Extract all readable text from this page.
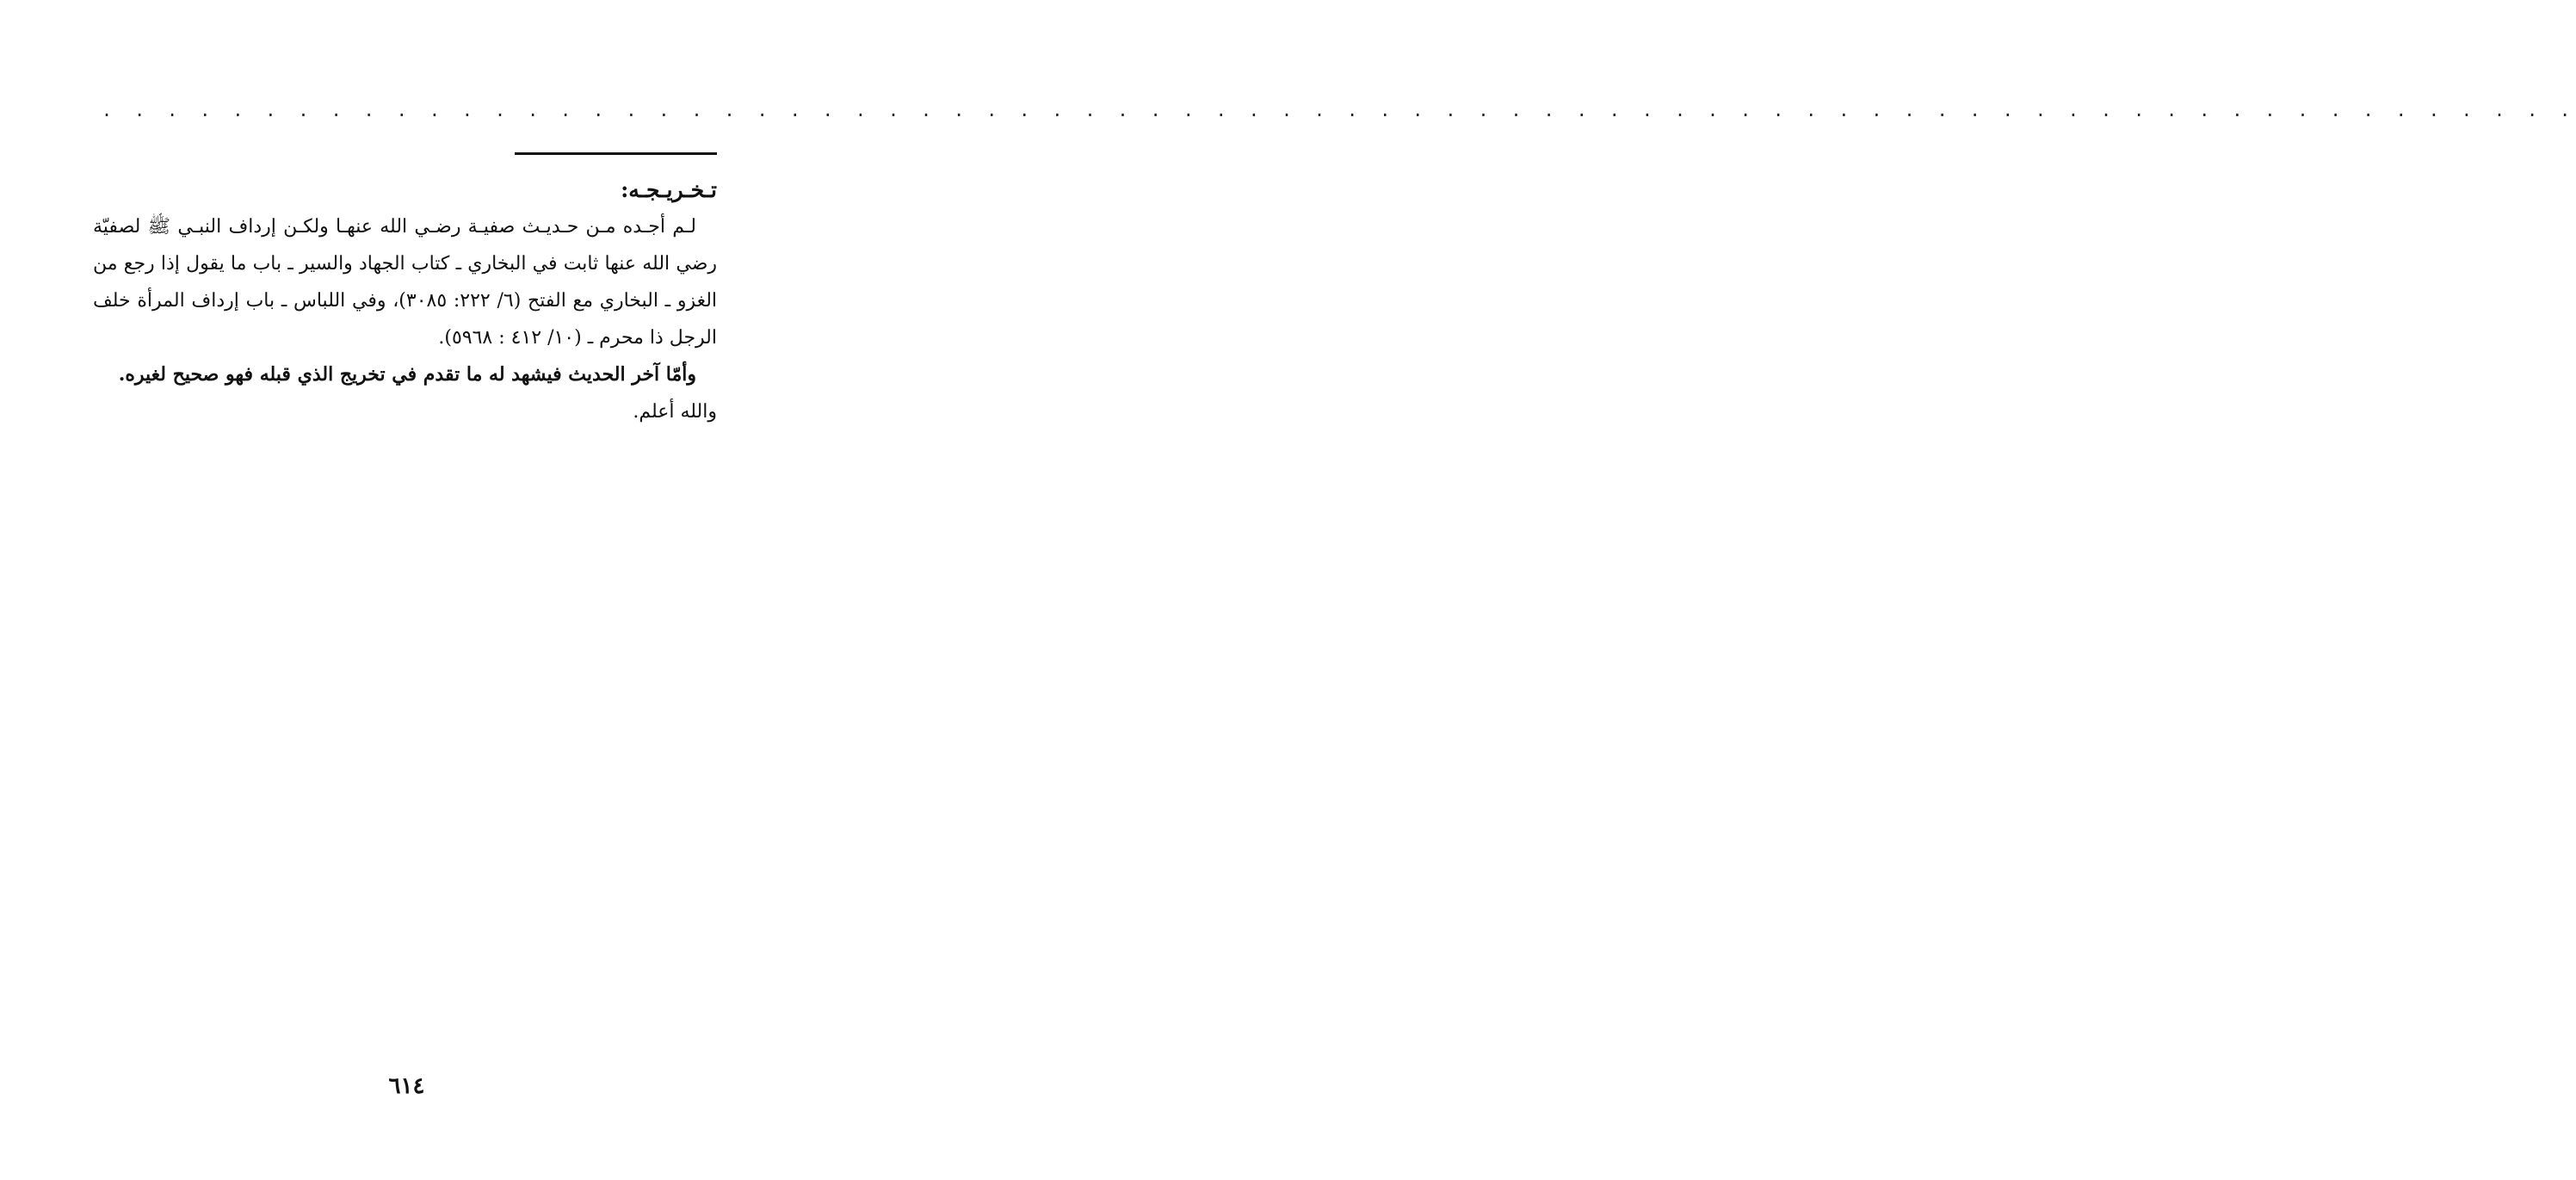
. . . . . . . . . . . . . . . . . . . . . . . . . . . . . . . . . . . . . . . . . . . . . . . . . . . . . . . . . . . . . . . . . . . . . . . . . . . .
تـخـريـجـه:

لـم أجـده مـن حـديـث صفيـة رضـي الله عنهـا ولكـن إرداف النبـي ﷺ لصفيّة رضي الله عنها ثابت في البخاري ـ كتاب الجهاد والسير ـ باب ما يقول إذا رجع من الغزو ـ البخاري مع الفتح (٦/ ٢٢٢: ٣٠٨٥)، وفي اللباس ـ باب إرداف المرأة خلف الرجل ذا محرم ـ (١٠/ ٤١٢ : ٥٩٦٨).

وأمّا آخر الحديث فيشهد له ما تقدم في تخريج الذي قبله فهو صحيح لغيره.

والله أعلم.

٦١٤
